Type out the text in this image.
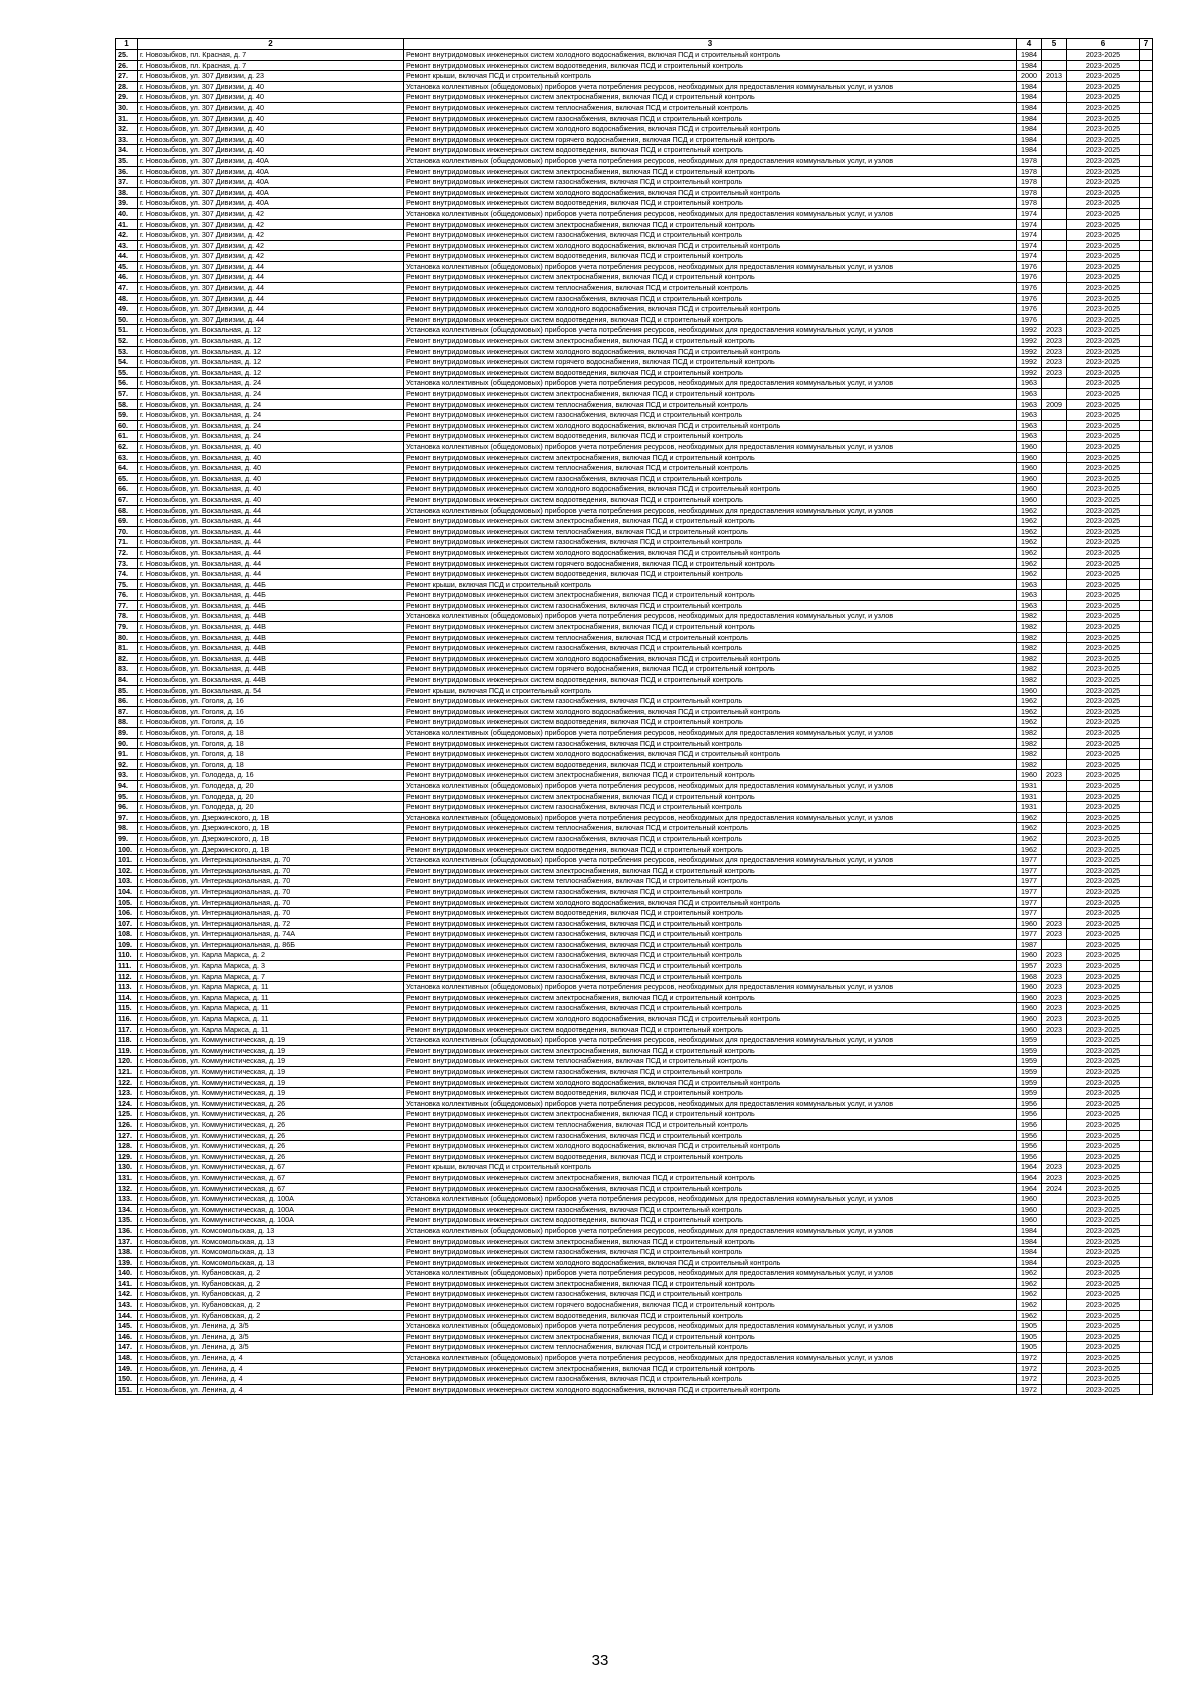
1	2	3	4	5	6	7
25.	г. Новозыбков, пл. Красная, д. 7	Ремонт внутридомовых инженерных систем холодного водоснабжения, включая ПСД и строительный контроль	1984		2023-2025	
26.	г. Новозыбков, пл. Красная, д. 7	Ремонт внутридомовых инженерных систем водоотведения, включая ПСД и строительный контроль	1984		2023-2025	
27.	г. Новозыбков, ул. 307 Дивизии, д. 23	Ремонт крыши, включая ПСД и строительный контроль	2000	2013	2023-2025	
28.	г. Новозыбков, ул. 307 Дивизии, д. 40	Установка коллективных (общедомовых) приборов учета потребления ресурсов, необходимых для предоставления коммунальных услуг, и узлов	1984		2023-2025	
29.	г. Новозыбков, ул. 307 Дивизии, д. 40	Ремонт внутридомовых инженерных систем электроснабжения, включая ПСД и строительный контроль	1984		2023-2025	
30.	г. Новозыбков, ул. 307 Дивизии, д. 40	Ремонт внутридомовых инженерных систем теплоснабжения, включая ПСД и строительный контроль	1984		2023-2025	
31.	г. Новозыбков, ул. 307 Дивизии, д. 40	Ремонт внутридомовых инженерных систем газоснабжения, включая ПСД и строительный контроль	1984		2023-2025	
32.	г. Новозыбков, ул. 307 Дивизии, д. 40	Ремонт внутридомовых инженерных систем холодного водоснабжения, включая ПСД и строительный контроль	1984		2023-2025	
33.	г. Новозыбков, ул. 307 Дивизии, д. 40	Ремонт внутридомовых инженерных систем горячего водоснабжения, включая ПСД и строительный контроль	1984		2023-2025	
34.	г. Новозыбков, ул. 307 Дивизии, д. 40	Ремонт внутридомовых инженерных систем водоотведения, включая ПСД и строительный контроль	1984		2023-2025	
35.	г. Новозыбков, ул. 307 Дивизии, д. 40А	Установка коллективных (общедомовых) приборов учета потребления ресурсов, необходимых для предоставления коммунальных услуг, и узлов	1978		2023-2025	
36.	г. Новозыбков, ул. 307 Дивизии, д. 40А	Ремонт внутридомовых инженерных систем электроснабжения, включая ПСД и строительный контроль	1978		2023-2025	
37.	г. Новозыбков, ул. 307 Дивизии, д. 40А	Ремонт внутридомовых инженерных систем газоснабжения, включая ПСД и строительный контроль	1978		2023-2025	
38.	г. Новозыбков, ул. 307 Дивизии, д. 40А	Ремонт внутридомовых инженерных систем холодного водоснабжения, включая ПСД и строительный контроль	1978		2023-2025	
39.	г. Новозыбков, ул. 307 Дивизии, д. 40А	Ремонт внутридомовых инженерных систем водоотведения, включая ПСД и строительный контроль	1978		2023-2025	
40.	г. Новозыбков, ул. 307 Дивизии, д. 42	Установка коллективных (общедомовых) приборов учета потребления ресурсов, необходимых для предоставления коммунальных услуг, и узлов	1974		2023-2025	
41.	г. Новозыбков, ул. 307 Дивизии, д. 42	Ремонт внутридомовых инженерных систем электроснабжения, включая ПСД и строительный контроль	1974		2023-2025	
42.	г. Новозыбков, ул. 307 Дивизии, д. 42	Ремонт внутридомовых инженерных систем газоснабжения, включая ПСД и строительный контроль	1974		2023-2025	
43.	г. Новозыбков, ул. 307 Дивизии, д. 42	Ремонт внутридомовых инженерных систем холодного водоснабжения, включая ПСД и строительный контроль	1974		2023-2025	
44.	г. Новозыбков, ул. 307 Дивизии, д. 42	Ремонт внутридомовых инженерных систем водоотведения, включая ПСД и строительный контроль	1974		2023-2025	
45.	г. Новозыбков, ул. 307 Дивизии, д. 44	Установка коллективных (общедомовых) приборов учета потребления ресурсов, необходимых для предоставления коммунальных услуг, и узлов	1976		2023-2025	
46.	г. Новозыбков, ул. 307 Дивизии, д. 44	Ремонт внутридомовых инженерных систем электроснабжения, включая ПСД и строительный контроль	1976		2023-2025	
47.	г. Новозыбков, ул. 307 Дивизии, д. 44	Ремонт внутридомовых инженерных систем теплоснабжения, включая ПСД и строительный контроль	1976		2023-2025	
48.	г. Новозыбков, ул. 307 Дивизии, д. 44	Ремонт внутридомовых инженерных систем газоснабжения, включая ПСД и строительный контроль	1976		2023-2025	
49.	г. Новозыбков, ул. 307 Дивизии, д. 44	Ремонт внутридомовых инженерных систем холодного водоснабжения, включая ПСД и строительный контроль	1976		2023-2025	
50.	г. Новозыбков, ул. 307 Дивизии, д. 44	Ремонт внутридомовых инженерных систем водоотведения, включая ПСД и строительный контроль	1976		2023-2025	
51.	г. Новозыбков, ул. Вокзальная, д. 12	Установка коллективных (общедомовых) приборов учета потребления ресурсов, необходимых для предоставления коммунальных услуг, и узлов	1992	2023	2023-2025	
52.	г. Новозыбков, ул. Вокзальная, д. 12	Ремонт внутридомовых инженерных систем электроснабжения, включая ПСД и строительный контроль	1992	2023	2023-2025	
53.	г. Новозыбков, ул. Вокзальная, д. 12	Ремонт внутридомовых инженерных систем холодного водоснабжения, включая ПСД и строительный контроль	1992	2023	2023-2025	
54.	г. Новозыбков, ул. Вокзальная, д. 12	Ремонт внутридомовых инженерных систем горячего водоснабжения, включая ПСД и строительный контроль	1992	2023	2023-2025	
55.	г. Новозыбков, ул. Вокзальная, д. 12	Ремонт внутридомовых инженерных систем водоотведения, включая ПСД и строительный контроль	1992	2023	2023-2025	
56.	г. Новозыбков, ул. Вокзальная, д. 24	Установка коллективных (общедомовых) приборов учета потребления ресурсов, необходимых для предоставления коммунальных услуг, и узлов	1963		2023-2025	
57.	г. Новозыбков, ул. Вокзальная, д. 24	Ремонт внутридомовых инженерных систем электроснабжения, включая ПСД и строительный контроль	1963		2023-2025	
58.	г. Новозыбков, ул. Вокзальная, д. 24	Ремонт внутридомовых инженерных систем теплоснабжения, включая ПСД и строительный контроль	1963	2009	2023-2025	
59.	г. Новозыбков, ул. Вокзальная, д. 24	Ремонт внутридомовых инженерных систем газоснабжения, включая ПСД и строительный контроль	1963		2023-2025	
60.	г. Новозыбков, ул. Вокзальная, д. 24	Ремонт внутридомовых инженерных систем холодного водоснабжения, включая ПСД и строительный контроль	1963		2023-2025	
61.	г. Новозыбков, ул. Вокзальная, д. 24	Ремонт внутридомовых инженерных систем водоотведения, включая ПСД и строительный контроль	1963		2023-2025	
62.	г. Новозыбков, ул. Вокзальная, д. 40	Установка коллективных (общедомовых) приборов учета потребления ресурсов, необходимых для предоставления коммунальных услуг, и узлов	1960		2023-2025	
63.	г. Новозыбков, ул. Вокзальная, д. 40	Ремонт внутридомовых инженерных систем электроснабжения, включая ПСД и строительный контроль	1960		2023-2025	
64.	г. Новозыбков, ул. Вокзальная, д. 40	Ремонт внутридомовых инженерных систем теплоснабжения, включая ПСД и строительный контроль	1960		2023-2025	
65.	г. Новозыбков, ул. Вокзальная, д. 40	Ремонт внутридомовых инженерных систем газоснабжения, включая ПСД и строительный контроль	1960		2023-2025	
66.	г. Новозыбков, ул. Вокзальная, д. 40	Ремонт внутридомовых инженерных систем холодного водоснабжения, включая ПСД и строительный контроль	1960		2023-2025	
67.	г. Новозыбков, ул. Вокзальная, д. 40	Ремонт внутридомовых инженерных систем водоотведения, включая ПСД и строительный контроль	1960		2023-2025	
68.	г. Новозыбков, ул. Вокзальная, д. 44	Установка коллективных (общедомовых) приборов учета потребления ресурсов, необходимых для предоставления коммунальных услуг, и узлов	1962		2023-2025	
69.	г. Новозыбков, ул. Вокзальная, д. 44	Ремонт внутридомовых инженерных систем электроснабжения, включая ПСД и строительный контроль	1962		2023-2025	
70.	г. Новозыбков, ул. Вокзальная, д. 44	Ремонт внутридомовых инженерных систем теплоснабжения, включая ПСД и строительный контроль	1962		2023-2025	
71.	г. Новозыбков, ул. Вокзальная, д. 44	Ремонт внутридомовых инженерных систем газоснабжения, включая ПСД и строительный контроль	1962		2023-2025	
72.	г. Новозыбков, ул. Вокзальная, д. 44	Ремонт внутридомовых инженерных систем холодного водоснабжения, включая ПСД и строительный контроль	1962		2023-2025	
73.	г. Новозыбков, ул. Вокзальная, д. 44	Ремонт внутридомовых инженерных систем горячего водоснабжения, включая ПСД и строительный контроль	1962		2023-2025	
74.	г. Новозыбков, ул. Вокзальная, д. 44	Ремонт внутридомовых инженерных систем водоотведения, включая ПСД и строительный контроль	1962		2023-2025	
75.	г. Новозыбков, ул. Вокзальная, д. 44Б	Ремонт крыши, включая ПСД и строительный контроль	1963		2023-2025	
76.	г. Новозыбков, ул. Вокзальная, д. 44Б	Ремонт внутридомовых инженерных систем электроснабжения, включая ПСД и строительный контроль	1963		2023-2025	
77.	г. Новозыбков, ул. Вокзальная, д. 44Б	Ремонт внутридомовых инженерных систем газоснабжения, включая ПСД и строительный контроль	1963		2023-2025	
78.	г. Новозыбков, ул. Вокзальная, д. 44В	Установка коллективных (общедомовых) приборов учета потребления ресурсов, необходимых для предоставления коммунальных услуг, и узлов	1982		2023-2025	
79.	г. Новозыбков, ул. Вокзальная, д. 44В	Ремонт внутридомовых инженерных систем электроснабжения, включая ПСД и строительный контроль	1982		2023-2025	
80.	г. Новозыбков, ул. Вокзальная, д. 44В	Ремонт внутридомовых инженерных систем теплоснабжения, включая ПСД и строительный контроль	1982		2023-2025	
81.	г. Новозыбков, ул. Вокзальная, д. 44В	Ремонт внутридомовых инженерных систем газоснабжения, включая ПСД и строительный контроль	1982		2023-2025	
82.	г. Новозыбков, ул. Вокзальная, д. 44В	Ремонт внутридомовых инженерных систем холодного водоснабжения, включая ПСД и строительный контроль	1982		2023-2025	
83.	г. Новозыбков, ул. Вокзальная, д. 44В	Ремонт внутридомовых инженерных систем горячего водоснабжения, включая ПСД и строительный контроль	1982		2023-2025	
84.	г. Новозыбков, ул. Вокзальная, д. 44В	Ремонт внутридомовых инженерных систем водоотведения, включая ПСД и строительный контроль	1982		2023-2025	
85.	г. Новозыбков, ул. Вокзальная, д. 54	Ремонт крыши, включая ПСД и строительный контроль	1960		2023-2025	
86.	г. Новозыбков, ул. Гоголя, д. 16	Ремонт внутридомовых инженерных систем газоснабжения, включая ПСД и строительный контроль	1962		2023-2025	
87.	г. Новозыбков, ул. Гоголя, д. 16	Ремонт внутридомовых инженерных систем холодного водоснабжения, включая ПСД и строительный контроль	1962		2023-2025	
88.	г. Новозыбков, ул. Гоголя, д. 16	Ремонт внутридомовых инженерных систем водоотведения, включая ПСД и строительный контроль	1962		2023-2025	
89.	г. Новозыбков, ул. Гоголя, д. 18	Установка коллективных (общедомовых) приборов учета потребления ресурсов, необходимых для предоставления коммунальных услуг, и узлов	1982		2023-2025	
90.	г. Новозыбков, ул. Гоголя, д. 18	Ремонт внутридомовых инженерных систем газоснабжения, включая ПСД и строительный контроль	1982		2023-2025	
91.	г. Новозыбков, ул. Гоголя, д. 18	Ремонт внутридомовых инженерных систем холодного водоснабжения, включая ПСД и строительный контроль	1982		2023-2025	
92.	г. Новозыбков, ул. Гоголя, д. 18	Ремонт внутридомовых инженерных систем водоотведения, включая ПСД и строительный контроль	1982		2023-2025	
93.	г. Новозыбков, ул. Голодеда, д. 16	Ремонт внутридомовых инженерных систем электроснабжения, включая ПСД и строительный контроль	1960	2023	2023-2025	
94.	г. Новозыбков, ул. Голодеда, д. 20	Установка коллективных (общедомовых) приборов учета потребления ресурсов, необходимых для предоставления коммунальных услуг, и узлов	1931		2023-2025	
95.	г. Новозыбков, ул. Голодеда, д. 20	Ремонт внутридомовых инженерных систем электроснабжения, включая ПСД и строительный контроль	1931		2023-2025	
96.	г. Новозыбков, ул. Голодеда, д. 20	Ремонт внутридомовых инженерных систем газоснабжения, включая ПСД и строительный контроль	1931		2023-2025	
97.	г. Новозыбков, ул. Дзержинского, д. 1В	Установка коллективных (общедомовых) приборов учета потребления ресурсов, необходимых для предоставления коммунальных услуг, и узлов	1962		2023-2025	
98.	г. Новозыбков, ул. Дзержинского, д. 1В	Ремонт внутридомовых инженерных систем теплоснабжения, включая ПСД и строительный контроль	1962		2023-2025	
99.	г. Новозыбков, ул. Дзержинского, д. 1В	Ремонт внутридомовых инженерных систем газоснабжения, включая ПСД и строительный контроль	1962		2023-2025	
100.	г. Новозыбков, ул. Дзержинского, д. 1В	Ремонт внутридомовых инженерных систем водоотведения, включая ПСД и строительный контроль	1962		2023-2025	
101.	г. Новозыбков, ул. Интернациональная, д. 70	Установка коллективных (общедомовых) приборов учета потребления ресурсов, необходимых для предоставления коммунальных услуг, и узлов	1977		2023-2025	
102.	г. Новозыбков, ул. Интернациональная, д. 70	Ремонт внутридомовых инженерных систем электроснабжения, включая ПСД и строительный контроль	1977		2023-2025	
103.	г. Новозыбков, ул. Интернациональная, д. 70	Ремонт внутридомовых инженерных систем теплоснабжения, включая ПСД и строительный контроль	1977		2023-2025	
104.	г. Новозыбков, ул. Интернациональная, д. 70	Ремонт внутридомовых инженерных систем газоснабжения, включая ПСД и строительный контроль	1977		2023-2025	
105.	г. Новозыбков, ул. Интернациональная, д. 70	Ремонт внутридомовых инженерных систем холодного водоснабжения, включая ПСД и строительный контроль	1977		2023-2025	
106.	г. Новозыбков, ул. Интернациональная, д. 70	Ремонт внутридомовых инженерных систем водоотведения, включая ПСД и строительный контроль	1977		2023-2025	
107.	г. Новозыбков, ул. Интернациональная, д. 72	Ремонт внутридомовых инженерных систем газоснабжения, включая ПСД и строительный контроль	1960	2023	2023-2025	
108.	г. Новозыбков, ул. Интернациональная, д. 74А	Ремонт внутридомовых инженерных систем газоснабжения, включая ПСД и строительный контроль	1977	2023	2023-2025	
109.	г. Новозыбков, ул. Интернациональная, д. 86Б	Ремонт внутридомовых инженерных систем газоснабжения, включая ПСД и строительный контроль	1987		2023-2025	
110.	г. Новозыбков, ул. Карла Маркса, д. 2	Ремонт внутридомовых инженерных систем газоснабжения, включая ПСД и строительный контроль	1960	2023	2023-2025	
111.	г. Новозыбков, ул. Карла Маркса, д. 3	Ремонт внутридомовых инженерных систем газоснабжения, включая ПСД и строительный контроль	1957	2023	2023-2025	
112.	г. Новозыбков, ул. Карла Маркса, д. 7	Ремонт внутридомовых инженерных систем газоснабжения, включая ПСД и строительный контроль	1968	2023	2023-2025	
113.	г. Новозыбков, ул. Карла Маркса, д. 11	Установка коллективных (общедомовых) приборов учета потребления ресурсов, необходимых для предоставления коммунальных услуг, и узлов	1960	2023	2023-2025	
114.	г. Новозыбков, ул. Карла Маркса, д. 11	Ремонт внутридомовых инженерных систем электроснабжения, включая ПСД и строительный контроль	1960	2023	2023-2025	
115.	г. Новозыбков, ул. Карла Маркса, д. 11	Ремонт внутридомовых инженерных систем газоснабжения, включая ПСД и строительный контроль	1960	2023	2023-2025	
116.	г. Новозыбков, ул. Карла Маркса, д. 11	Ремонт внутридомовых инженерных систем холодного водоснабжения, включая ПСД и строительный контроль	1960	2023	2023-2025	
117.	г. Новозыбков, ул. Карла Маркса, д. 11	Ремонт внутридомовых инженерных систем водоотведения, включая ПСД и строительный контроль	1960	2023	2023-2025	
118.	г. Новозыбков, ул. Коммунистическая, д. 19	Установка коллективных (общедомовых) приборов учета потребления ресурсов, необходимых для предоставления коммунальных услуг, и узлов	1959		2023-2025	
119.	г. Новозыбков, ул. Коммунистическая, д. 19	Ремонт внутридомовых инженерных систем электроснабжения, включая ПСД и строительный контроль	1959		2023-2025	
120.	г. Новозыбков, ул. Коммунистическая, д. 19	Ремонт внутридомовых инженерных систем теплоснабжения, включая ПСД и строительный контроль	1959		2023-2025	
121.	г. Новозыбков, ул. Коммунистическая, д. 19	Ремонт внутридомовых инженерных систем газоснабжения, включая ПСД и строительный контроль	1959		2023-2025	
122.	г. Новозыбков, ул. Коммунистическая, д. 19	Ремонт внутридомовых инженерных систем холодного водоснабжения, включая ПСД и строительный контроль	1959		2023-2025	
123.	г. Новозыбков, ул. Коммунистическая, д. 19	Ремонт внутридомовых инженерных систем водоотведения, включая ПСД и строительный контроль	1959		2023-2025	
124.	г. Новозыбков, ул. Коммунистическая, д. 26	Установка коллективных (общедомовых) приборов учета потребления ресурсов, необходимых для предоставления коммунальных услуг, и узлов	1956		2023-2025	
125.	г. Новозыбков, ул. Коммунистическая, д. 26	Ремонт внутридомовых инженерных систем электроснабжения, включая ПСД и строительный контроль	1956		2023-2025	
126.	г. Новозыбков, ул. Коммунистическая, д. 26	Ремонт внутридомовых инженерных систем теплоснабжения, включая ПСД и строительный контроль	1956		2023-2025	
127.	г. Новозыбков, ул. Коммунистическая, д. 26	Ремонт внутридомовых инженерных систем газоснабжения, включая ПСД и строительный контроль	1956		2023-2025	
128.	г. Новозыбков, ул. Коммунистическая, д. 26	Ремонт внутридомовых инженерных систем холодного водоснабжения, включая ПСД и строительный контроль	1956		2023-2025	
129.	г. Новозыбков, ул. Коммунистическая, д. 26	Ремонт внутридомовых инженерных систем водоотведения, включая ПСД и строительный контроль	1956		2023-2025	
130.	г. Новозыбков, ул. Коммунистическая, д. 67	Ремонт крыши, включая ПСД и строительный контроль	1964	2023	2023-2025	
131.	г. Новозыбков, ул. Коммунистическая, д. 67	Ремонт внутридомовых инженерных систем электроснабжения, включая ПСД и строительный контроль	1964	2023	2023-2025	
132.	г. Новозыбков, ул. Коммунистическая, д. 67	Ремонт внутридомовых инженерных систем газоснабжения, включая ПСД и строительный контроль	1964	2024	2023-2025	
133.	г. Новозыбков, ул. Коммунистическая, д. 100А	Установка коллективных (общедомовых) приборов учета потребления ресурсов, необходимых для предоставления коммунальных услуг, и узлов	1960		2023-2025	
134.	г. Новозыбков, ул. Коммунистическая, д. 100А	Ремонт внутридомовых инженерных систем газоснабжения, включая ПСД и строительный контроль	1960		2023-2025	
135.	г. Новозыбков, ул. Коммунистическая, д. 100А	Ремонт внутридомовых инженерных систем водоотведения, включая ПСД и строительный контроль	1960		2023-2025	
136.	г. Новозыбков, ул. Комсомольская, д. 13	Установка коллективных (общедомовых) приборов учета потребления ресурсов, необходимых для предоставления коммунальных услуг, и узлов	1984		2023-2025	
137.	г. Новозыбков, ул. Комсомольская, д. 13	Ремонт внутридомовых инженерных систем электроснабжения, включая ПСД и строительный контроль	1984		2023-2025	
138.	г. Новозыбков, ул. Комсомольская, д. 13	Ремонт внутридомовых инженерных систем газоснабжения, включая ПСД и строительный контроль	1984		2023-2025	
139.	г. Новозыбков, ул. Комсомольская, д. 13	Ремонт внутридомовых инженерных систем холодного водоснабжения, включая ПСД и строительный контроль	1984		2023-2025	
140.	г. Новозыбков, ул. Кубановская, д. 2	Установка коллективных (общедомовых) приборов учета потребления ресурсов, необходимых для предоставления коммунальных услуг, и узлов	1962		2023-2025	
141.	г. Новозыбков, ул. Кубановская, д. 2	Ремонт внутридомовых инженерных систем электроснабжения, включая ПСД и строительный контроль	1962		2023-2025	
142.	г. Новозыбков, ул. Кубановская, д. 2	Ремонт внутридомовых инженерных систем газоснабжения, включая ПСД и строительный контроль	1962		2023-2025	
143.	г. Новозыбков, ул. Кубановская, д. 2	Ремонт внутридомовых инженерных систем горячего водоснабжения, включая ПСД и строительный контроль	1962		2023-2025	
144.	г. Новозыбков, ул. Кубановская, д. 2	Ремонт внутридомовых инженерных систем водоотведения, включая ПСД и строительный контроль	1962		2023-2025	
145.	г. Новозыбков, ул. Ленина, д. 3/5	Установка коллективных (общедомовых) приборов учета потребления ресурсов, необходимых для предоставления коммунальных услуг, и узлов	1905		2023-2025	
146.	г. Новозыбков, ул. Ленина, д. 3/5	Ремонт внутридомовых инженерных систем электроснабжения, включая ПСД и строительный контроль	1905		2023-2025	
147.	г. Новозыбков, ул. Ленина, д. 3/5	Ремонт внутридомовых инженерных систем теплоснабжения, включая ПСД и строительный контроль	1905		2023-2025	
148.	г. Новозыбков, ул. Ленина, д. 4	Установка коллективных (общедомовых) приборов учета потребления ресурсов, необходимых для предоставления коммунальных услуг, и узлов	1972		2023-2025	
149.	г. Новозыбков, ул. Ленина, д. 4	Ремонт внутридомовых инженерных систем электроснабжения, включая ПСД и строительный контроль	1972		2023-2025	
150.	г. Новозыбков, ул. Ленина, д. 4	Ремонт внутридомовых инженерных систем газоснабжения, включая ПСД и строительный контроль	1972		2023-2025	
151.	г. Новозыбков, ул. Ленина, д. 4	Ремонт внутридомовых инженерных систем холодного водоснабжения, включая ПСД и строительный контроль	1972		2023-2025	
33
